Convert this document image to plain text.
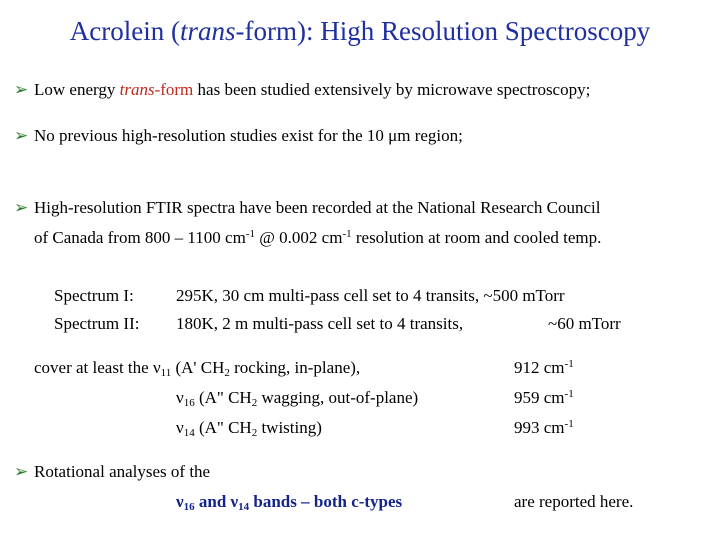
Acrolein (trans-form): High Resolution Spectroscopy
➢ Low energy trans-form has been studied extensively by microwave spectroscopy;
➢ No previous high-resolution studies exist for the 10 μm region;
➢ High-resolution FTIR spectra have been recorded at the National Research Council
of Canada from 800 – 1100 $cm^{-1}$ @ 0.002 $cm^{-1}$ resolution at room and cooled temp.
Spectrum I: 295K, 30 cm multi-pass cell set to 4 transits, ~500 mTorr
Spectrum II: 180K, 2 m multi-pass cell set to 4 transits,	~60 mTorr
cover at least the $\nu_{11}$ (A' $CH_2$ rocking, in-plane),	912 $cm^{-1}$
$\nu_{16}$ (A" $CH_2$ wagging, out-of-plane)	959 $cm^{-1}$
$\nu_{14}$ (A" $CH_2$ twisting)	993 $cm^{-1}$
➢ Rotational analyses of the
$\nu_{16}$ and $\nu_{14}$ bands – both c-types	are reported here.
